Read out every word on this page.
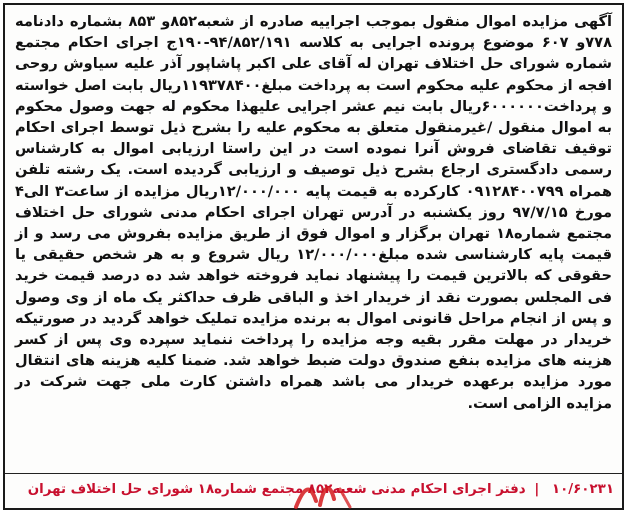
آگهی مزایده اموال منقول بموجب اجراییه صادره از شعبه۸۵۲و ۸۵۳ بشماره دادنامه ۷۷۸و ۶۰۷ موضوع پرونده اجرایی به کلاسه ۹۴/۸۵۲/۱۹۱-۱۹۰ج اجرای احکام مجتمع شماره شورای حل اختلاف تهران له آقای علی اکبر پاشاپور آذر علیه سیاوش روحی افجه از محکوم علیه محکوم است به پرداخت مبلغ۱۱۹۳۷۸۴۰۰ریال بابت اصل خواسته و پرداخت۶۰۰۰۰۰۰ریال بابت نیم عشر اجرایی علیهذا محکوم له جهت وصول محکوم به اموال منقول /غیرمنقول متعلق به محکوم علیه را بشرح ذیل توسط اجرای احکام توقیف تقاضای فروش آنرا نموده است در این راستا ارزیابی اموال به کارشناس رسمی دادگستری ارجاع بشرح ذیل توصیف و ارزیابی گردیده است. یک رشته تلفن همراه ۰۹۱۲۸۴۰۰۷۹۹ کارکرده به قیمت پایه ۱۲/۰۰۰/۰۰۰ریال مزایده از ساعت۳ الی۴ مورخ ۹۷/۷/۱۵ روز یکشنبه در آدرس تهران اجرای احکام مدنی شورای حل اختلاف مجتمع شماره۱۸ تهران برگزار و اموال فوق از طریق مزایده بفروش می رسد و از قیمت پایه کارشناسی شده مبلغ۱۲/۰۰۰/۰۰۰ ریال شروع و به هر شخص حقیقی یا حقوقی که بالاترین قیمت را پیشنهاد نماید فروخته خواهد شد ده درصد قیمت خرید فی المجلس بصورت نقد از خریدار اخذ و الباقی ظرف حداکثر یک ماه از وی وصول و پس از انجام مراحل قانونی اموال به برنده مزایده تملیک خواهد گردید در صورتیکه خریدار در مهلت مقرر بقیه وجه مزایده را پرداخت ننماید سپرده وی پس از کسر هزینه های مزایده بنفع صندوق دولت ضبط خواهد شد. ضمنا کلیه هزینه های انتقال مورد مزایده برعهده خریدار می باشد همراه داشتن کارت ملی جهت شرکت در مزایده الزامی است.

۱۰/۶۰۲۳۱ | دفتر اجرای احکام مدنی شعبه۸۵۲ مجتمع شماره۱۸ شورای حل اختلاف تهران
